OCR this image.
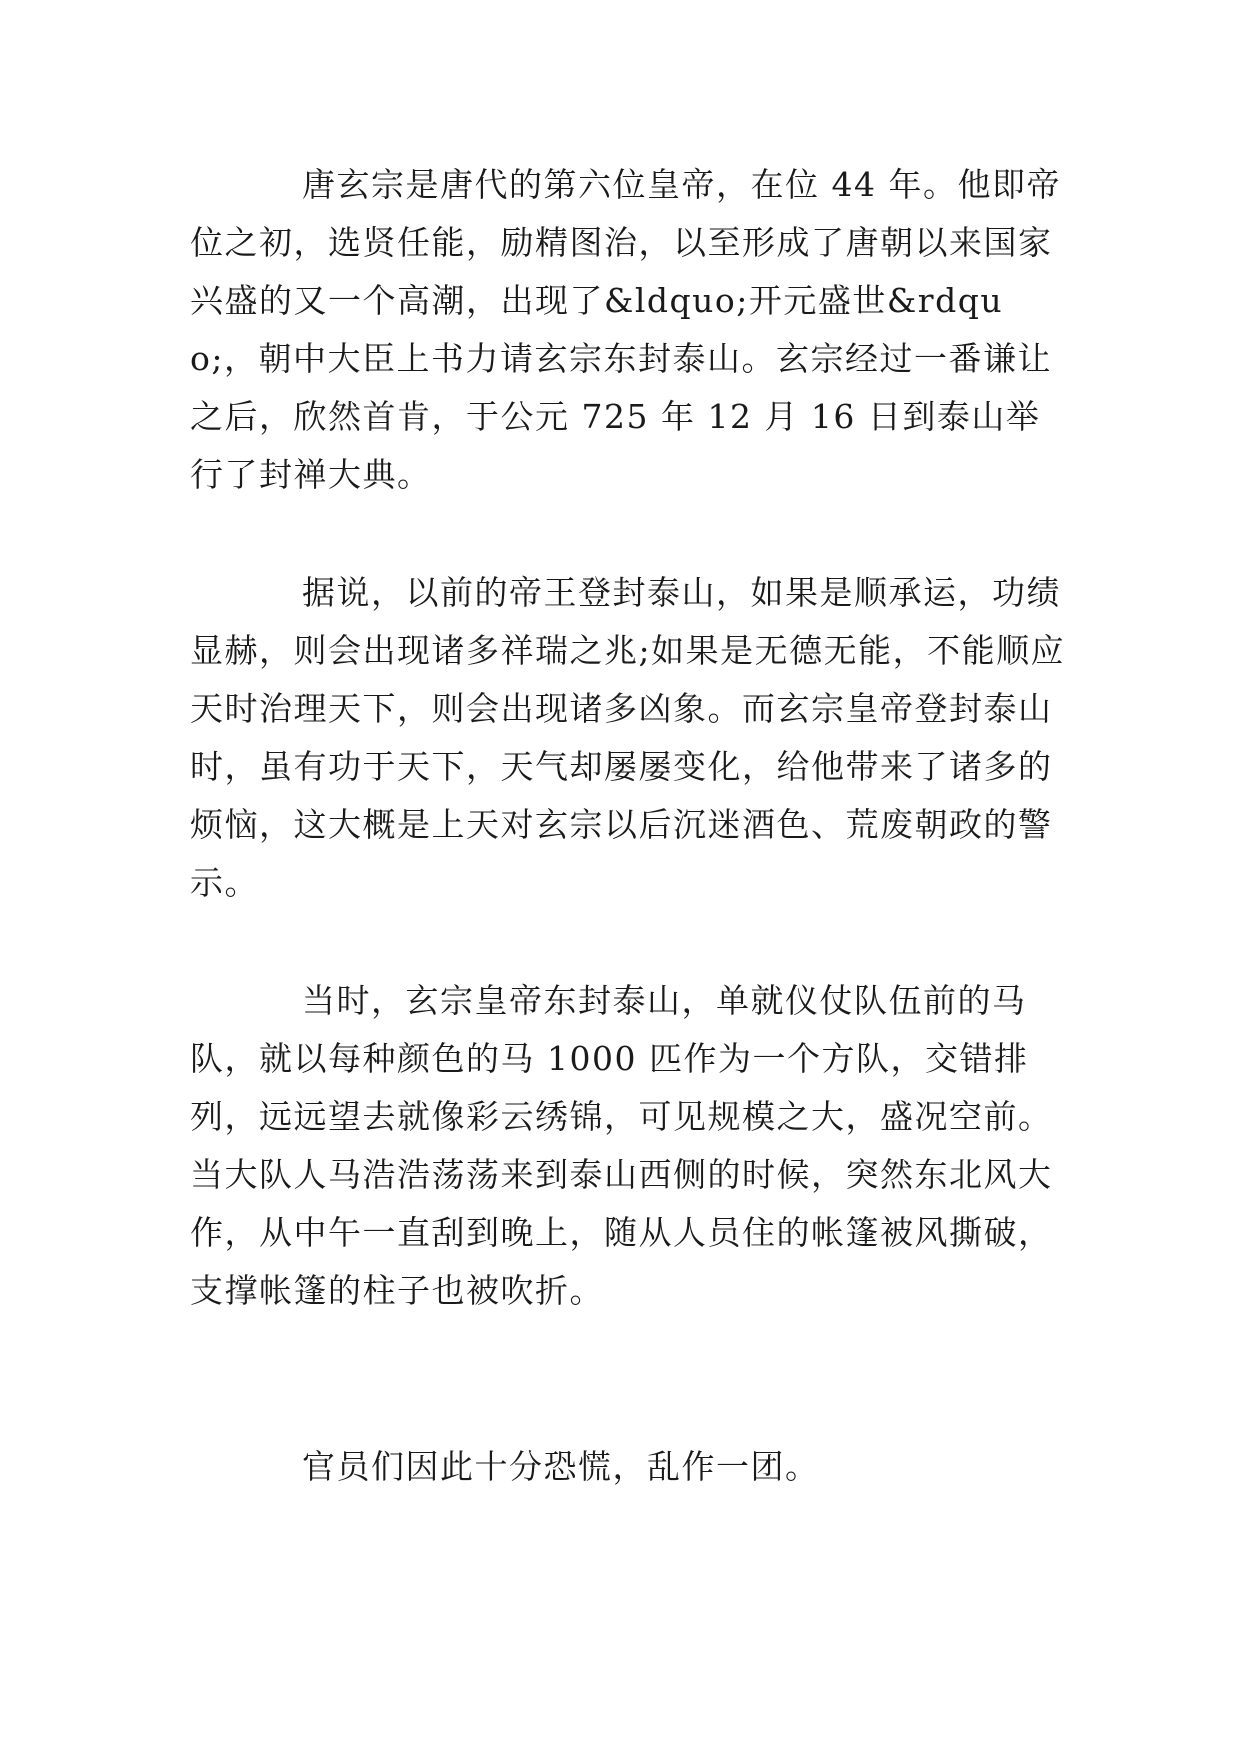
唐玄宗是唐代的第六位皇帝，在位 44 年。他即帝位之初，选贤任能，励精图治，以至形成了唐朝以来国家兴盛的又一个高潮，出现了&ldquo;开元盛世&rdquo;，朝中大臣上书力请玄宗东封泰山。玄宗经过一番谦让之后，欣然首肯，于公元 725 年 12 月 16 日到泰山举行了封禅大典。

据说，以前的帝王登封泰山，如果是顺承运，功绩显赫，则会出现诸多祥瑞之兆;如果是无德无能，不能顺应天时治理天下，则会出现诸多凶象。而玄宗皇帝登封泰山时，虽有功于天下，天气却屡屡变化，给他带来了诸多的烦恼，这大概是上天对玄宗以后沉迷酒色、荒废朝政的警示。

当时，玄宗皇帝东封泰山，单就仪仗队伍前的马队，就以每种颜色的马 1000 匹作为一个方队，交错排列，远远望去就像彩云绣锦，可见规模之大，盛况空前。当大队人马浩浩荡荡来到泰山西侧的时候，突然东北风大作，从中午一直刮到晚上，随从人员住的帐篷被风撕破，支撑帐篷的柱子也被吹折。

官员们因此十分恐慌，乱作一团。
